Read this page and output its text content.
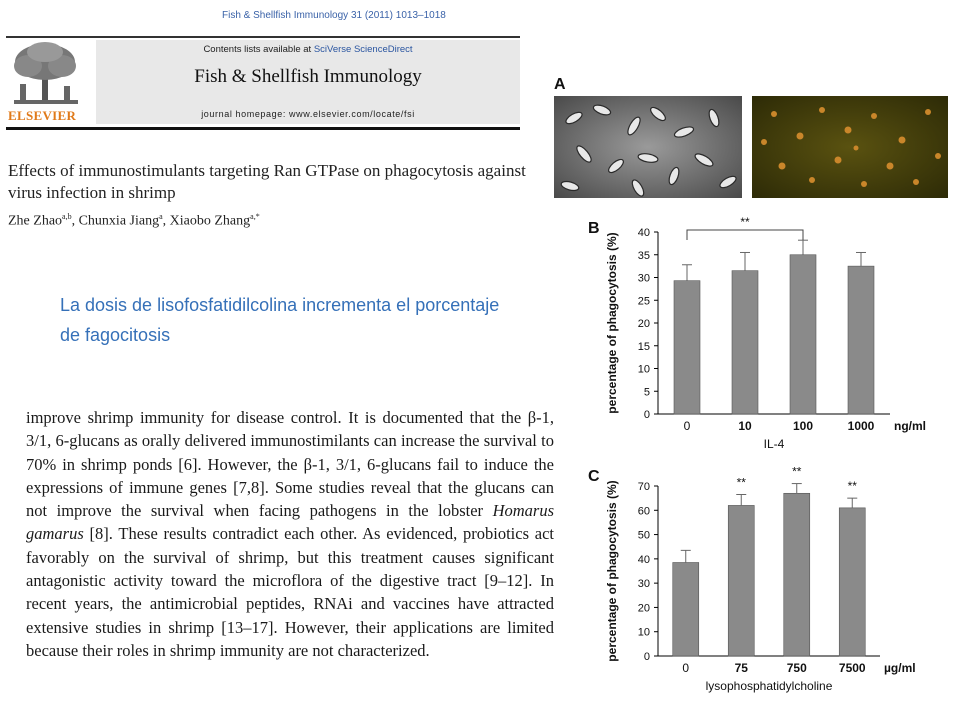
Fish & Shellfish Immunology 31 (2011) 1013–1018
ELSEVIER
Contents lists available at SciVerse ScienceDirect
Fish & Shellfish Immunology
journal homepage: www.elsevier.com/locate/fsi
Effects of immunostimulants targeting Ran GTPase on phagocytosis against virus infection in shrimp
Zhe Zhao$^{a,b}$, Chunxia Jiang$^a$, Xiaobo Zhang$^{a,*}$
La dosis de lisofosfatidilcolina incrementa el porcentaje de fagocitosis

improve shrimp immunity for disease control. It is documented that the β-1, 3/1, 6-glucans as orally delivered immunostimilants can increase the survival to 70% in shrimp ponds [6]. However, the β-1, 3/1, 6-glucans fail to induce the expressions of immune genes [7,8]. Some studies reveal that the glucans can not improve the survival when facing pathogens in the lobster Homarus gamarus [8]. These results contradict each other. As evidenced, probiotics act favorably on the survival of shrimp, but this treatment causes significant antagonistic activity toward the microflora of the digestive tract [9–12]. In recent years, the antimicrobial peptides, RNAi and vaccines have attracted extensive studies in shrimp [13–17]. However, their applications are limited because their roles in shrimp immunity are not characterized.

A
B
0
5
10
15
20
25
30
35
40
percentage of phagocytosis (%)
0	10	100	1000 ng/ml
IL-4
**
C
0
10
20
30
40
50
60
70
percentage of phagocytosis (%)
0	75
**
750
**
7500
**
µg/ml
lysophosphatidylcholine
